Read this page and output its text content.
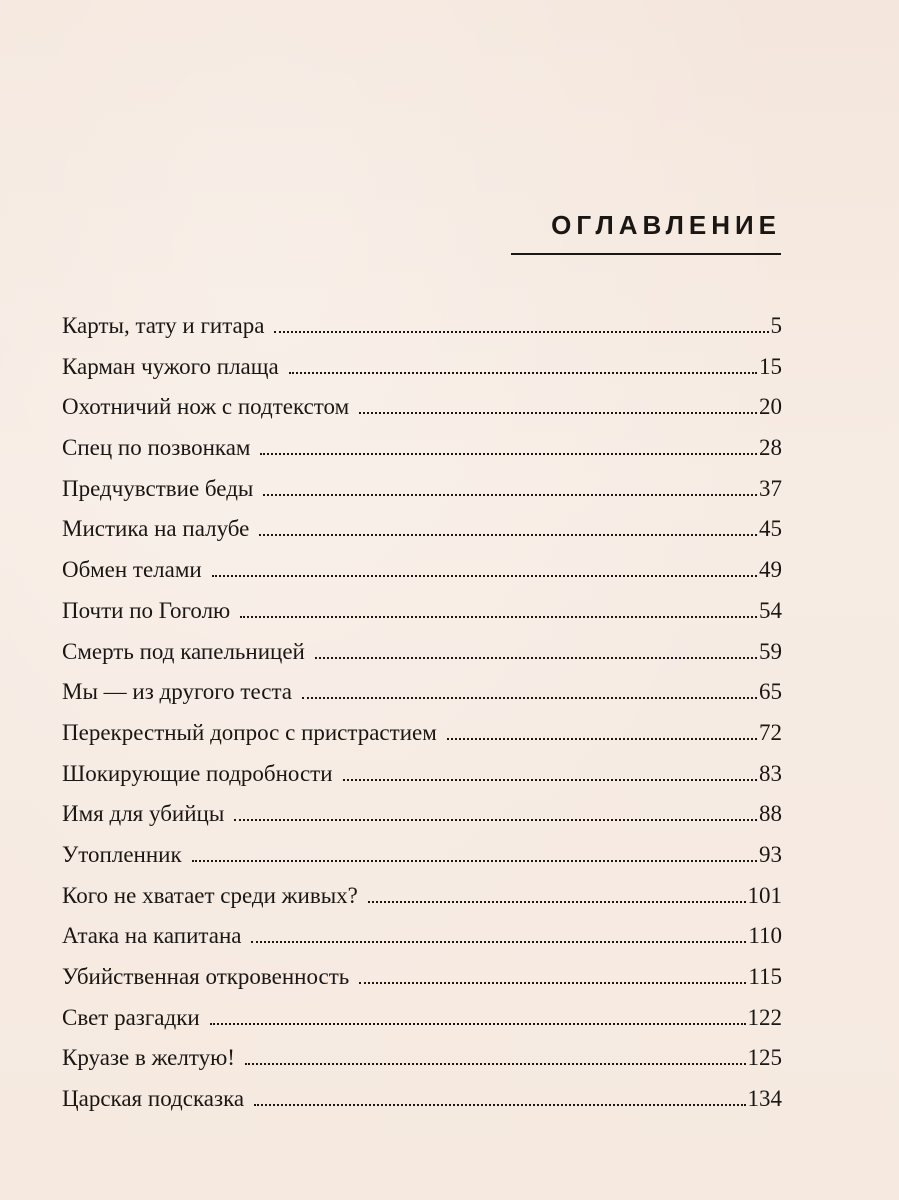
ОГЛАВЛЕНИЕ
Карты, тату и гитара	5
Карман чужого плаща	15
Охотничий нож с подтекстом	20
Спец по позвонкам	28
Предчувствие беды	37
Мистика на палубе	45
Обмен телами	49
Почти по Гоголю	54
Смерть под капельницей	59
Мы — из другого теста	65
Перекрестный допрос с пристрастием	72
Шокирующие подробности	83
Имя для убийцы	88
Утопленник	93
Кого не хватает среди живых?	101
Атака на капитана	110
Убийственная откровенность	115
Свет разгадки	122
Круазе в желтую!	125
Царская подсказка	134
